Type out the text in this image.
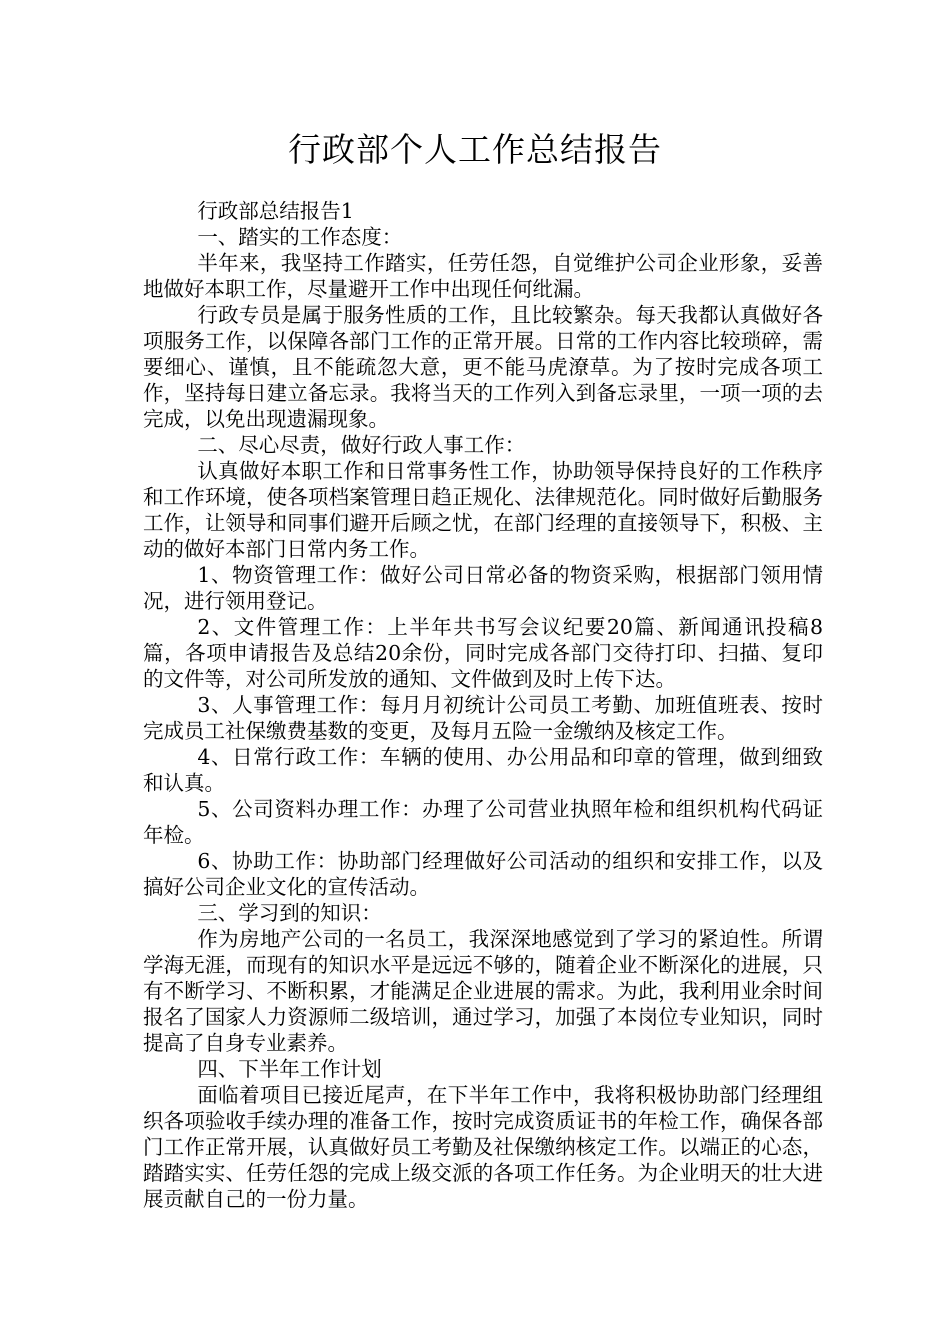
行政部个人工作总结报告

行政部总结报告1

一、踏实的工作态度：

半年来，我坚持工作踏实，任劳任怨，自觉维护公司企业形象，妥善地做好本职工作，尽量避开工作中出现任何纰漏。

行政专员是属于服务性质的工作，且比较繁杂。每天我都认真做好各项服务工作，以保障各部门工作的正常开展。日常的工作内容比较琐碎，需要细心、谨慎，且不能疏忽大意，更不能马虎潦草。为了按时完成各项工作，坚持每日建立备忘录。我将当天的工作列入到备忘录里，一项一项的去完成，以免出现遗漏现象。

二、尽心尽责，做好行政人事工作：

认真做好本职工作和日常事务性工作，协助领导保持良好的工作秩序和工作环境，使各项档案管理日趋正规化、法律规范化。同时做好后勤服务工作，让领导和同事们避开后顾之忧，在部门经理的直接领导下，积极、主动的做好本部门日常内务工作。

1、物资管理工作：做好公司日常必备的物资采购，根据部门领用情况，进行领用登记。

2、文件管理工作：上半年共书写会议纪要20篇、新闻通讯投稿8篇，各项申请报告及总结20余份，同时完成各部门交待打印、扫描、复印的文件等，对公司所发放的通知、文件做到及时上传下达。

3、人事管理工作：每月月初统计公司员工考勤、加班值班表、按时完成员工社保缴费基数的变更，及每月五险一金缴纳及核定工作。

4、日常行政工作：车辆的使用、办公用品和印章的管理，做到细致和认真。

5、公司资料办理工作：办理了公司营业执照年检和组织机构代码证年检。

6、协助工作：协助部门经理做好公司活动的组织和安排工作，以及搞好公司企业文化的宣传活动。

三、学习到的知识：

作为房地产公司的一名员工，我深深地感觉到了学习的紧迫性。所谓学海无涯，而现有的知识水平是远远不够的，随着企业不断深化的进展，只有不断学习、不断积累，才能满足企业进展的需求。为此，我利用业余时间报名了国家人力资源师二级培训，通过学习，加强了本岗位专业知识，同时提高了自身专业素养。

四、下半年工作计划

面临着项目已接近尾声，在下半年工作中，我将积极协助部门经理组织各项验收手续办理的准备工作，按时完成资质证书的年检工作，确保各部门工作正常开展，认真做好员工考勤及社保缴纳核定工作。以端正的心态，踏踏实实、任劳任怨的完成上级交派的各项工作任务。为企业明天的壮大进展贡献自己的一份力量。
